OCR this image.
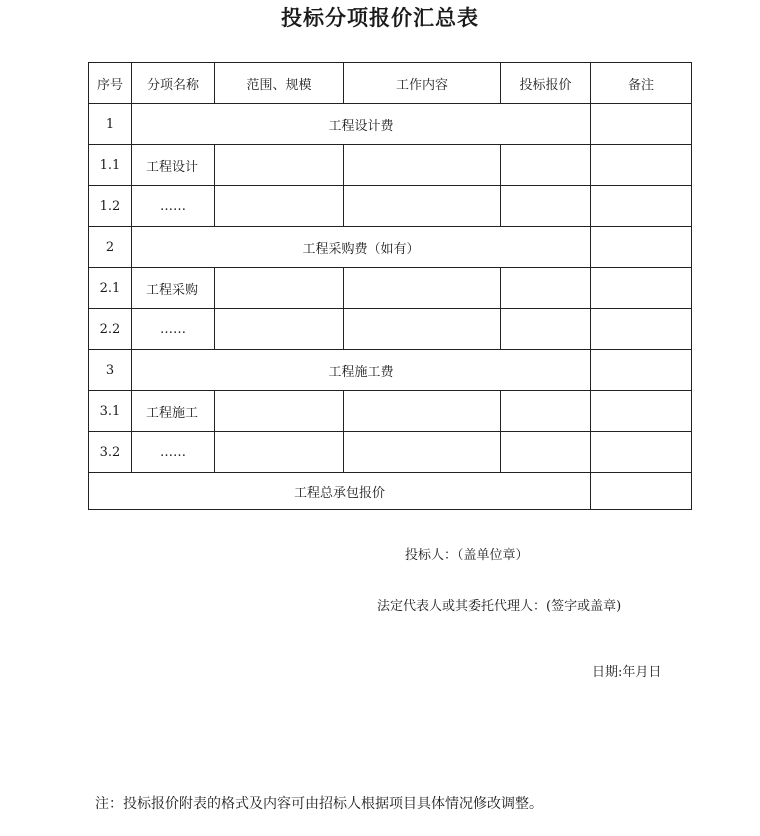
投标分项报价汇总表
序号	分项名称	范围、规模	工作内容	投标报价	备注
1	工程设计费				
1.1	工程设计				
1.2	……				
2	工程采购费（如有）				
2.1	工程采购				
2.2	……				
3	工程施工费				
3.1	工程施工				
3.2	……				
工程总承包报价					
投标人：（盖单位章）
法定代表人或其委托代理人：(签字或盖章)
日期:年月日
注：投标报价附表的格式及内容可由招标人根据项目具体情况修改调整。
